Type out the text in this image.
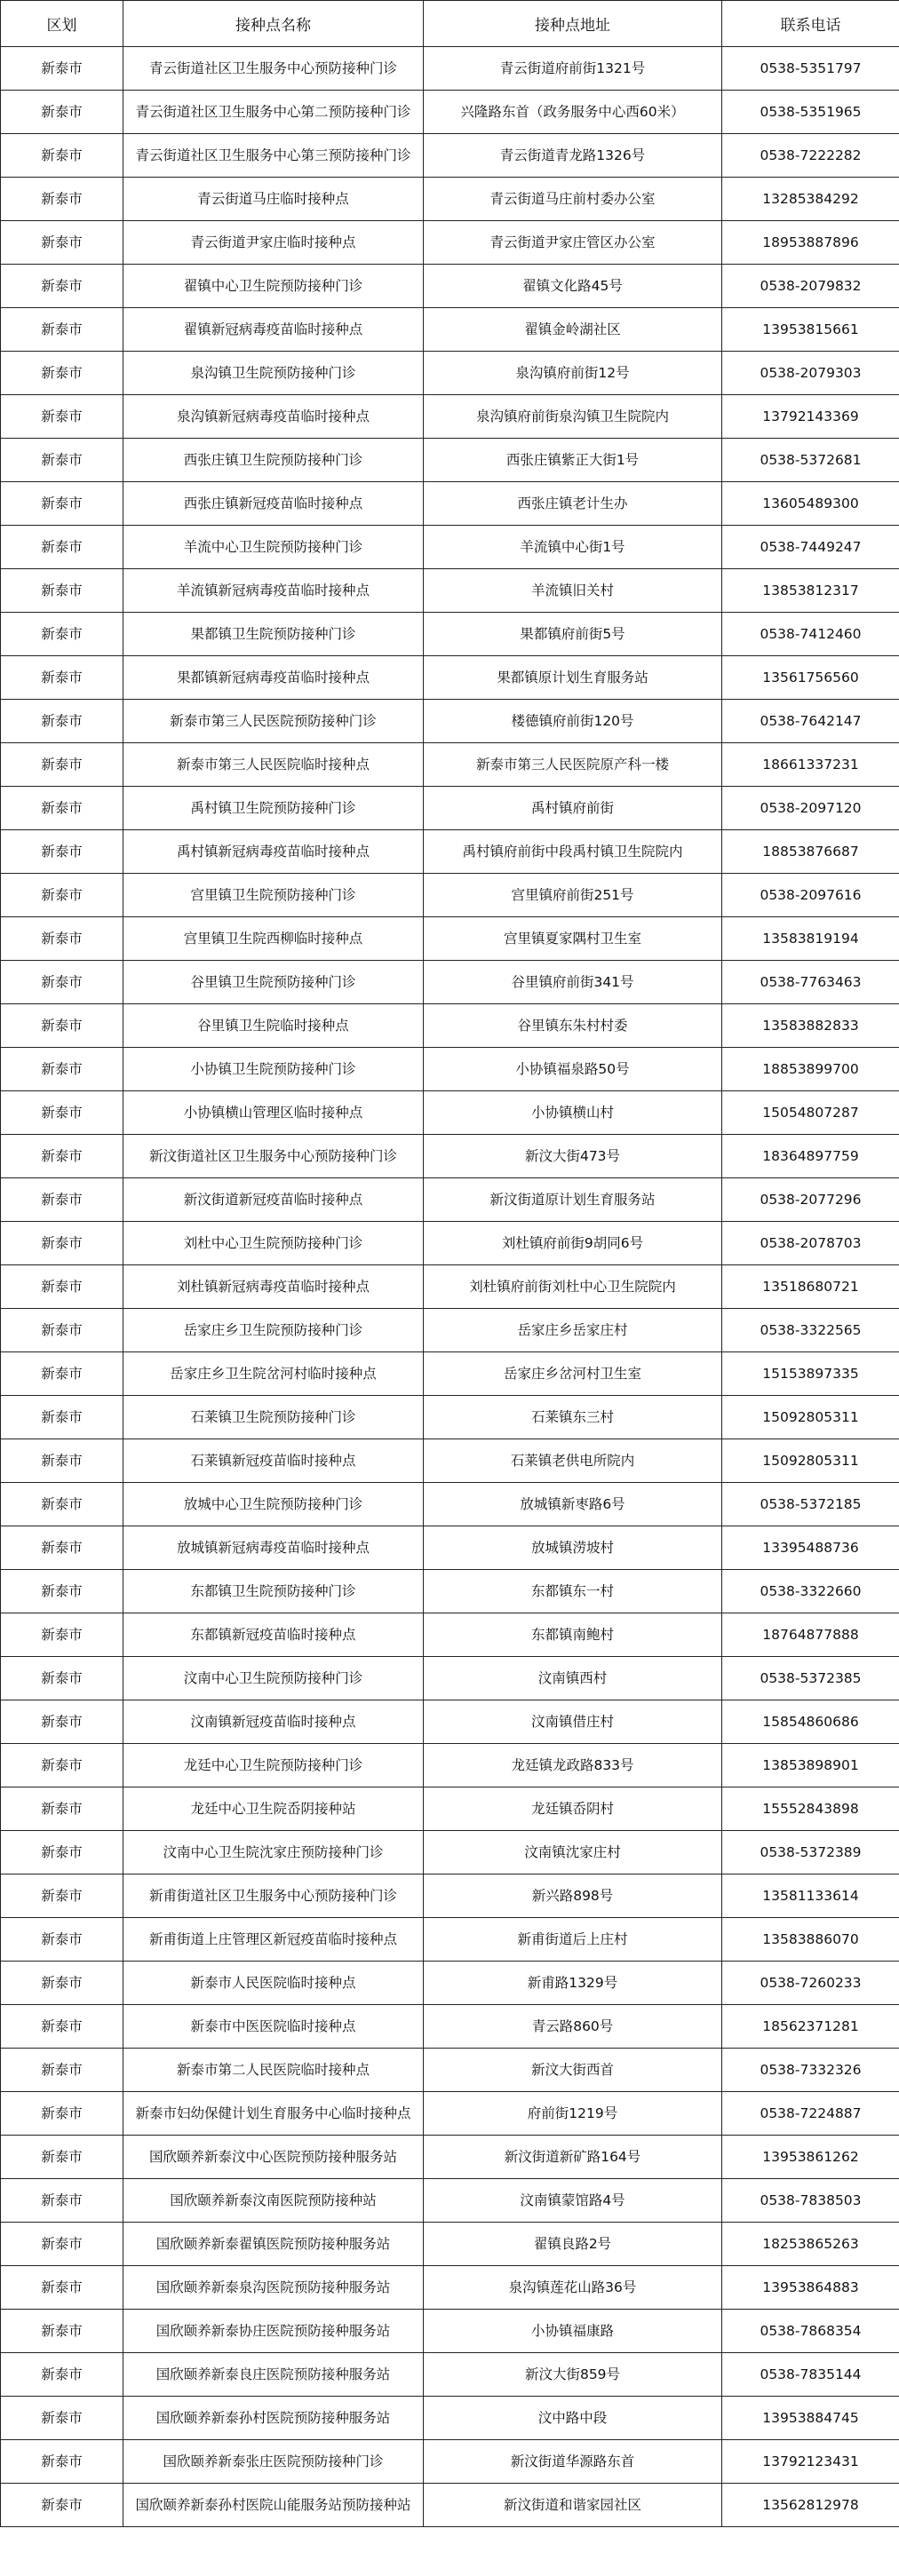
区划	接种点名称	接种点地址	联系电话
新泰市	青云街道社区卫生服务中心预防接种门诊	青云街道府前街1321号	0538-5351797
新泰市	青云街道社区卫生服务中心第二预防接种门诊	兴隆路东首（政务服务中心西60米）	0538-5351965
新泰市	青云街道社区卫生服务中心第三预防接种门诊	青云街道青龙路1326号	0538-7222282
新泰市	青云街道马庄临时接种点	青云街道马庄前村委办公室	13285384292
新泰市	青云街道尹家庄临时接种点	青云街道尹家庄管区办公室	18953887896
新泰市	翟镇中心卫生院预防接种门诊	翟镇文化路45号	0538-2079832
新泰市	翟镇新冠病毒疫苗临时接种点	翟镇金岭湖社区	13953815661
新泰市	泉沟镇卫生院预防接种门诊	泉沟镇府前街12号	0538-2079303
新泰市	泉沟镇新冠病毒疫苗临时接种点	泉沟镇府前街泉沟镇卫生院院内	13792143369
新泰市	西张庄镇卫生院预防接种门诊	西张庄镇紫正大街1号	0538-5372681
新泰市	西张庄镇新冠疫苗临时接种点	西张庄镇老计生办	13605489300
新泰市	羊流中心卫生院预防接种门诊	羊流镇中心街1号	0538-7449247
新泰市	羊流镇新冠病毒疫苗临时接种点	羊流镇旧关村	13853812317
新泰市	果都镇卫生院预防接种门诊	果都镇府前街5号	0538-7412460
新泰市	果都镇新冠病毒疫苗临时接种点	果都镇原计划生育服务站	13561756560
新泰市	新泰市第三人民医院预防接种门诊	楼德镇府前街120号	0538-7642147
新泰市	新泰市第三人民医院临时接种点	新泰市第三人民医院原产科一楼	18661337231
新泰市	禹村镇卫生院预防接种门诊	禹村镇府前街	0538-2097120
新泰市	禹村镇新冠病毒疫苗临时接种点	禹村镇府前街中段禹村镇卫生院院内	18853876687
新泰市	宫里镇卫生院预防接种门诊	宫里镇府前街251号	0538-2097616
新泰市	宫里镇卫生院西柳临时接种点	宫里镇夏家隅村卫生室	13583819194
新泰市	谷里镇卫生院预防接种门诊	谷里镇府前街341号	0538-7763463
新泰市	谷里镇卫生院临时接种点	谷里镇东朱村村委	13583882833
新泰市	小协镇卫生院预防接种门诊	小协镇福泉路50号	18853899700
新泰市	小协镇横山管理区临时接种点	小协镇横山村	15054807287
新泰市	新汶街道社区卫生服务中心预防接种门诊	新汶大街473号	18364897759
新泰市	新汶街道新冠疫苗临时接种点	新汶街道原计划生育服务站	0538-2077296
新泰市	刘杜中心卫生院预防接种门诊	刘杜镇府前街9胡同6号	0538-2078703
新泰市	刘杜镇新冠病毒疫苗临时接种点	刘杜镇府前街刘杜中心卫生院院内	13518680721
新泰市	岳家庄乡卫生院预防接种门诊	岳家庄乡岳家庄村	0538-3322565
新泰市	岳家庄乡卫生院岔河村临时接种点	岳家庄乡岔河村卫生室	15153897335
新泰市	石莱镇卫生院预防接种门诊	石莱镇东三村	15092805311
新泰市	石莱镇新冠疫苗临时接种点	石莱镇老供电所院内	15092805311
新泰市	放城中心卫生院预防接种门诊	放城镇新枣路6号	0538-5372185
新泰市	放城镇新冠病毒疫苗临时接种点	放城镇涝坡村	13395488736
新泰市	东都镇卫生院预防接种门诊	东都镇东一村	0538-3322660
新泰市	东都镇新冠疫苗临时接种点	东都镇南鲍村	18764877888
新泰市	汶南中心卫生院预防接种门诊	汶南镇西村	0538-5372385
新泰市	汶南镇新冠疫苗临时接种点	汶南镇借庄村	15854860686
新泰市	龙廷中心卫生院预防接种门诊	龙廷镇龙政路833号	13853898901
新泰市	龙廷中心卫生院岙阴接种站	龙廷镇岙阴村	15552843898
新泰市	汶南中心卫生院沈家庄预防接种门诊	汶南镇沈家庄村	0538-5372389
新泰市	新甫街道社区卫生服务中心预防接种门诊	新兴路898号	13581133614
新泰市	新甫街道上庄管理区新冠疫苗临时接种点	新甫街道后上庄村	13583886070
新泰市	新泰市人民医院临时接种点	新甫路1329号	0538-7260233
新泰市	新泰市中医医院临时接种点	青云路860号	18562371281
新泰市	新泰市第二人民医院临时接种点	新汶大街西首	0538-7332326
新泰市	新泰市妇幼保健计划生育服务中心临时接种点	府前街1219号	0538-7224887
新泰市	国欣颐养新泰汶中心医院预防接种服务站	新汶街道新矿路164号	13953861262
新泰市	国欣颐养新泰汶南医院预防接种站	汶南镇蒙馆路4号	0538-7838503
新泰市	国欣颐养新泰翟镇医院预防接种服务站	翟镇良路2号	18253865263
新泰市	国欣颐养新泰泉沟医院预防接种服务站	泉沟镇莲花山路36号	13953864883
新泰市	国欣颐养新泰协庄医院预防接种服务站	小协镇福康路	0538-7868354
新泰市	国欣颐养新泰良庄医院预防接种服务站	新汶大街859号	0538-7835144
新泰市	国欣颐养新泰孙村医院预防接种服务站	汶中路中段	13953884745
新泰市	国欣颐养新泰张庄医院预防接种门诊	新汶街道华源路东首	13792123431
新泰市	国欣颐养新泰孙村医院山能服务站预防接种站	新汶街道和谐家园社区	13562812978
